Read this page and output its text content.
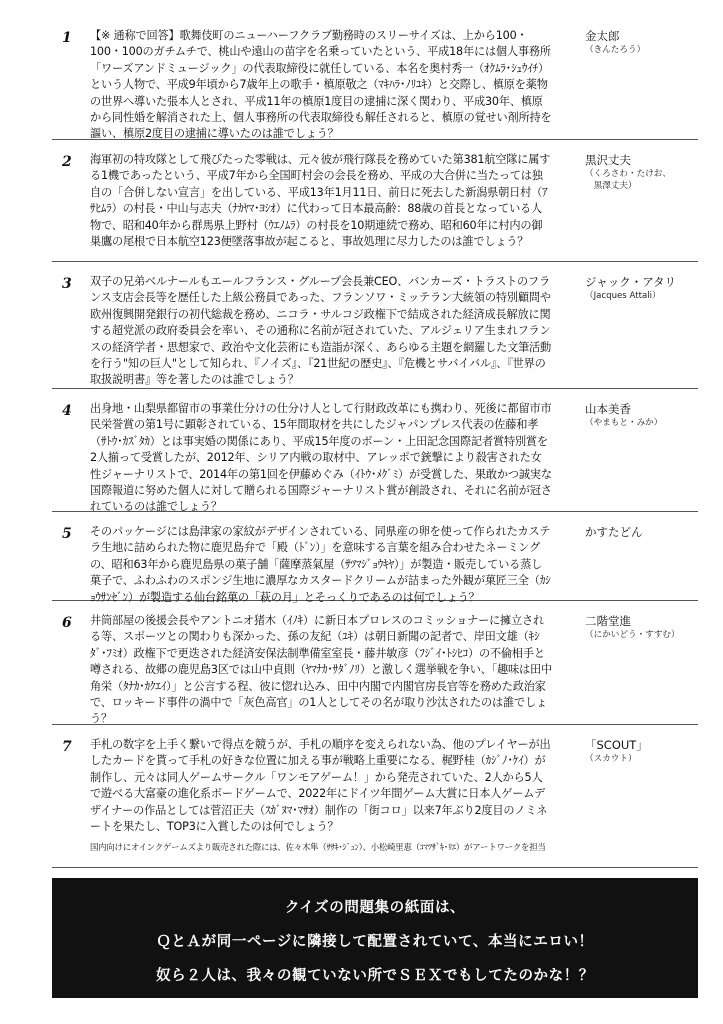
1 【※ 通称で回答】歌舞伎町のニューハーフクラブ勤務時のスリーサイズは、上から100・100・100のガチムチで、桃山や遠山の苗字を名乗っていたという、平成18年には個人事務所「ワーズアンドミュージック」の代表取締役に就任している、本名を奥村秀一（ｵｸﾑﾗ･ｼｭｳｲﾁ）という人物で、平成9年頃から7歳年上の歌手・槙原敬之（ﾏｷﾊﾗ･ﾉﾘﾕｷ）と交際し、槙原を薬物の世界へ導いた張本人とされ、平成11年の槙原1度目の逮捕に深く関わり、平成30年、槙原から同性婚を解消された上、個人事務所の代表取締役も解任されると、槙原の覚せい剤所持を謳い、槙原2度目の逮捕に導いたのは誰でしょう？
金太郎
（きんたろう）
2 海軍初の特攻隊として飛びたった零戦は、元々彼が飛行隊長を務めていた第381航空隊に属する1機であったという、平成7年から全国町村会の会長を務め、平成の大合併に当たっては独自の「合併しない宣言」を出している、平成13年1月11日、前日に死去した新潟県朝日村（ｱｻﾋﾑﾗ）の村長・中山与志夫（ﾅｶﾔﾏ･ﾖｼｵ）に代わって日本最高齢：88歳の首長となっている人物で、昭和40年から群馬県上野村（ｳｴﾉﾑﾗ）の村長を10期連続で務め、昭和60年に村内の御巣鷹の尾根で日本航空123便墜落事故が起こると、事故処理に尽力したのは誰でしょう？
黒沢丈夫
（くろさわ・たけお、
　黒澤丈夫）
3 双子の兄弟ベルナールもエールフランス・グループ会長兼CEO、バンカーズ・トラストのフランス支店会長等を歴任した上級公務員であった、フランソワ・ミッテラン大統領の特別顧問や欧州復興開発銀行の初代総裁を務め、ニコラ・サルコジ政権下で結成された経済成長解放に関する超党派の政府委員会を率い、その通称に名前が冠されていた、アルジェリア生まれフランスの経済学者・思想家で、政治や文化芸術にも造詣が深く、あらゆる主題を網羅した文筆活動を行う"知の巨人"として知られ、『ノイズ』、『21世紀の歴史』、『危機とサバイバル』、『世界の取扱説明書』等を著したのは誰でしょう？
ジャック・アタリ
（Jacques Attali）
4 出身地・山梨県都留市の事業仕分けの仕分け人として行財政改革にも携わり、死後に都留市市民栄誉賞の第1号に顕彰されている、15年間取材を共にしたジャパンプレス代表の佐藤和孝（ｻﾄｳ･ｶｽﾞﾀｶ）とは事実婚の関係にあり、平成15年度のボーン・上田記念国際記者賞特別賞を2人揃って受賞したが、2012年、シリア内戦の取材中、アレッポで銃撃により殺害された女性ジャーナリストで、2014年の第1回を伊藤めぐみ（ｲﾄｳ･ﾒｸﾞﾐ）が受賞した、果敢かつ誠実な国際報道に努めた個人に対して贈られる国際ジャーナリスト賞が創設され、それに名前が冠されているのは誰でしょう？
山本美香
（やまもと・みか）
5 そのパッケージには島津家の家紋がデザインされている、同県産の卵を使って作られたカステラ生地に詰められた物に鹿児島弁で「殿（ﾄﾞﾝ）」を意味する言葉を組み合わせたネーミングの、昭和63年から鹿児島県の菓子舗「薩摩蒸氣屋（ｻﾂﾏｼﾞｮｳｷﾔ）」が製造・販売している蒸し菓子で、ふわふわのスポンジ生地に濃厚なカスタードクリームが詰まった外観が菓匠三全（ｶｼｮｳｻﾝｾﾞﾝ）が製造する仙台銘菓の「萩の月」とそっくりであるのは何でしょう？
かすたどん
6 井筒部屋の後援会長やアントニオ猪木（ｲﾉｷ）に新日本プロレスのコミッショナーに擁立される等、スポーツとの関わりも深かった、孫の友紀（ﾕｷ）は朝日新聞の記者で、岸田文雄（ｷｼﾀﾞ･ﾌﾐｵ）政権下で更迭された経済安保法制準備室室長・藤井敏彦（ﾌｼﾞｲ･ﾄｼﾋｺ）の不倫相手と噂される、故郷の鹿児島3区では山中貞則（ﾔﾏﾅｶ･ｻﾀﾞﾉﾘ）と激しく選挙戦を争い、「趣味は田中角栄（ﾀﾅｶ･ｶｸｴｲ）」と公言する程、彼に惚れ込み、田中内閣で内閣官房長官等を務めた政治家で、ロッキード事件の渦中で「灰色高官」の1人としてその名が取り沙汰されたのは誰でしょう？
二階堂進
（にかいどう・すすむ）
7 手札の数字を上手く繋いで得点を競うが、手札の順序を変えられない為、他のプレイヤーが出したカードを貰って手札の好きな位置に加える事が戦略上重要になる、梶野桂（ｶｼﾞﾉ･ｹｲ）が制作し、元々は同人ゲームサークル「ワンモアゲーム！」から発売されていた、2人から5人で遊べる大富豪の進化系ボードゲームで、2022年にドイツ年間ゲーム大賞に日本人ゲームデザイナーの作品としては菅沼正夫（ｽｶﾞﾇﾏ･ﾏｻｵ）制作の「街コロ」以来7年ぶり2度目のノミネートを果たし、TOP3に入賞したのは何でしょう？
国内向けにオインクゲームズより販売された際には、佐々木隼（ｻｻｷ･ｼﾞｭﾝ）、小松崎里恵（ｺﾏﾂｻﾞｷ･ﾘｴ）がアートワークを担当
「SCOUT」
（スカウト）
クイズの問題集の紙面は、
ＱとＡが同一ページに隣接して配置されていて、本当にエロい！
奴ら２人は、我々の観ていない所でＳＥＸでもしてたのかな！？
